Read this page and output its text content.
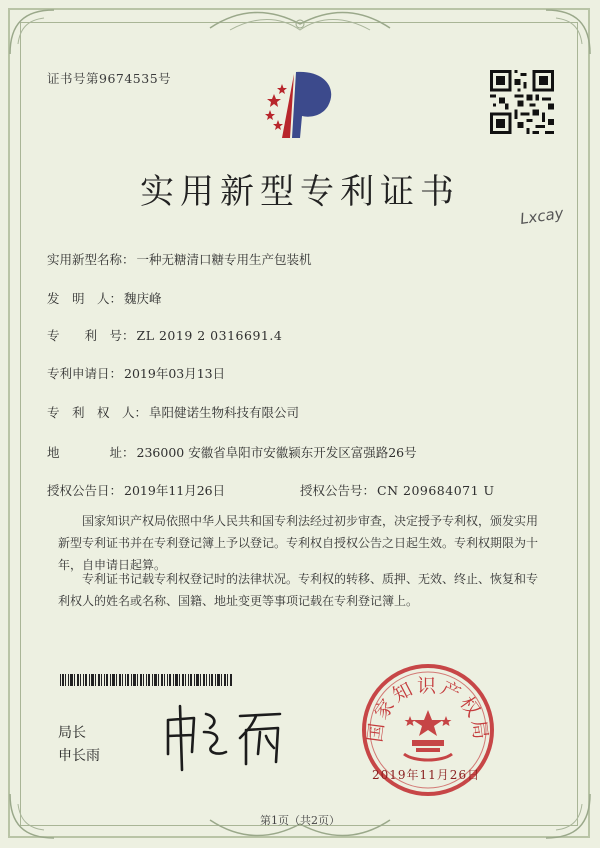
证书号第9674535号
实用新型专利证书
Lxcay
实用新型名称： 一种无糖清口糖专用生产包装机
发　明　人： 魏庆峰
专　　利　号： ZL 2019 2 0316691.4
专利申请日： 2019年03月13日
专　利　权　人： 阜阳健诺生物科技有限公司
地　　　　址： 236000 安徽省阜阳市安徽颍东开发区富强路26号
授权公告日： 2019年11月26日	授权公告号： CN 209684071 U
国家知识产权局依照中华人民共和国专利法经过初步审查，决定授予专利权，颁发实用
新型专利证书并在专利登记簿上予以登记。专利权自授权公告之日起生效。专利权期限为十
年，自申请日起算。
专利证书记载专利权登记时的法律状况。专利权的转移、质押、无效、终止、恢复和专
利权人的姓名或名称、国籍、地址变更等事项记载在专利登记簿上。
局长
申长雨
国家知识产权局
2019年11月26日
第1页（共2页）
